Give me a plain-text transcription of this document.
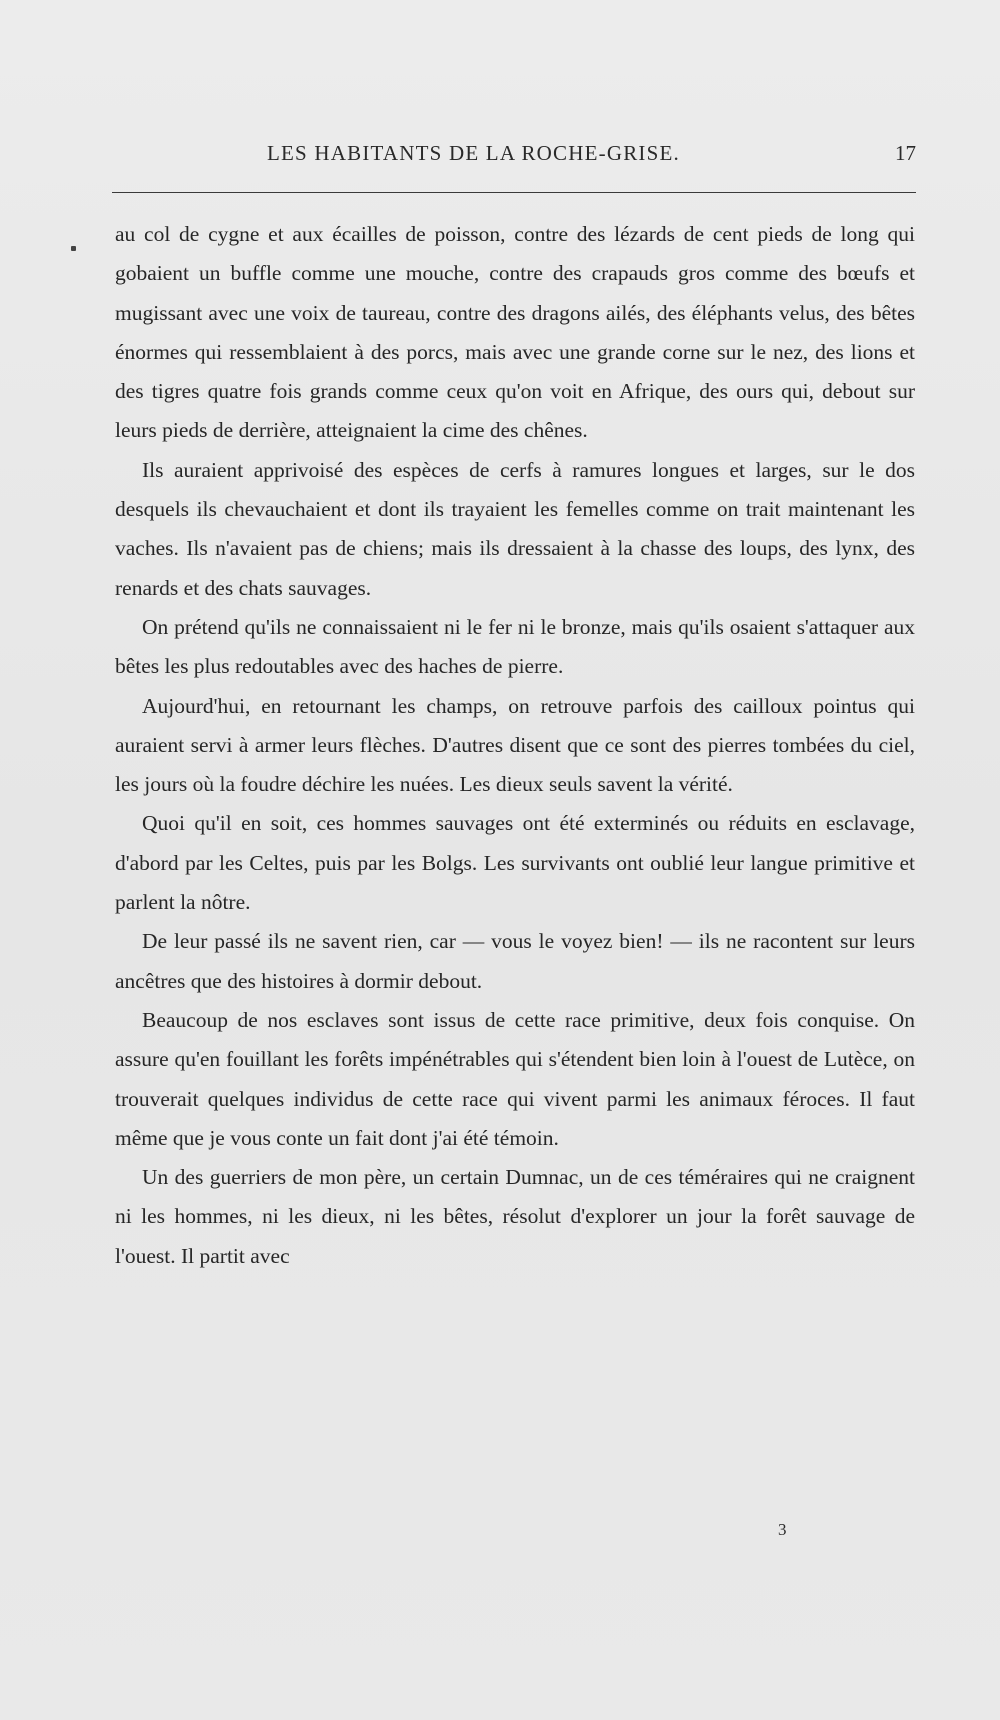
LES HABITANTS DE LA ROCHE-GRISE.	17

au col de cygne et aux écailles de poisson, contre des lézards de cent pieds de long qui gobaient un buffle comme une mouche, contre des crapauds gros comme des bœufs et mugissant avec une voix de taureau, contre des dragons ailés, des éléphants velus, des bêtes énormes qui ressemblaient à des porcs, mais avec une grande corne sur le nez, des lions et des tigres quatre fois grands comme ceux qu'on voit en Afrique, des ours qui, debout sur leurs pieds de derrière, atteignaient la cime des chênes.

Ils auraient apprivoisé des espèces de cerfs à ramures longues et larges, sur le dos desquels ils chevauchaient et dont ils trayaient les femelles comme on trait maintenant les vaches. Ils n'avaient pas de chiens; mais ils dressaient à la chasse des loups, des lynx, des renards et des chats sauvages.

On prétend qu'ils ne connaissaient ni le fer ni le bronze, mais qu'ils osaient s'attaquer aux bêtes les plus redoutables avec des haches de pierre.

Aujourd'hui, en retournant les champs, on retrouve parfois des cailloux pointus qui auraient servi à armer leurs flèches. D'autres disent que ce sont des pierres tombées du ciel, les jours où la foudre déchire les nuées. Les dieux seuls savent la vérité.

Quoi qu'il en soit, ces hommes sauvages ont été exterminés ou réduits en esclavage, d'abord par les Celtes, puis par les Bolgs. Les survivants ont oublié leur langue primitive et parlent la nôtre.

De leur passé ils ne savent rien, car — vous le voyez bien! — ils ne racontent sur leurs ancêtres que des histoires à dormir debout.

Beaucoup de nos esclaves sont issus de cette race primitive, deux fois conquise. On assure qu'en fouillant les forêts impénétrables qui s'étendent bien loin à l'ouest de Lutèce, on trouverait quelques individus de cette race qui vivent parmi les animaux féroces. Il faut même que je vous conte un fait dont j'ai été témoin.

Un des guerriers de mon père, un certain Dumnac, un de ces téméraires qui ne craignent ni les hommes, ni les dieux, ni les bêtes, résolut d'explorer un jour la forêt sauvage de l'ouest. Il partit avec

3
